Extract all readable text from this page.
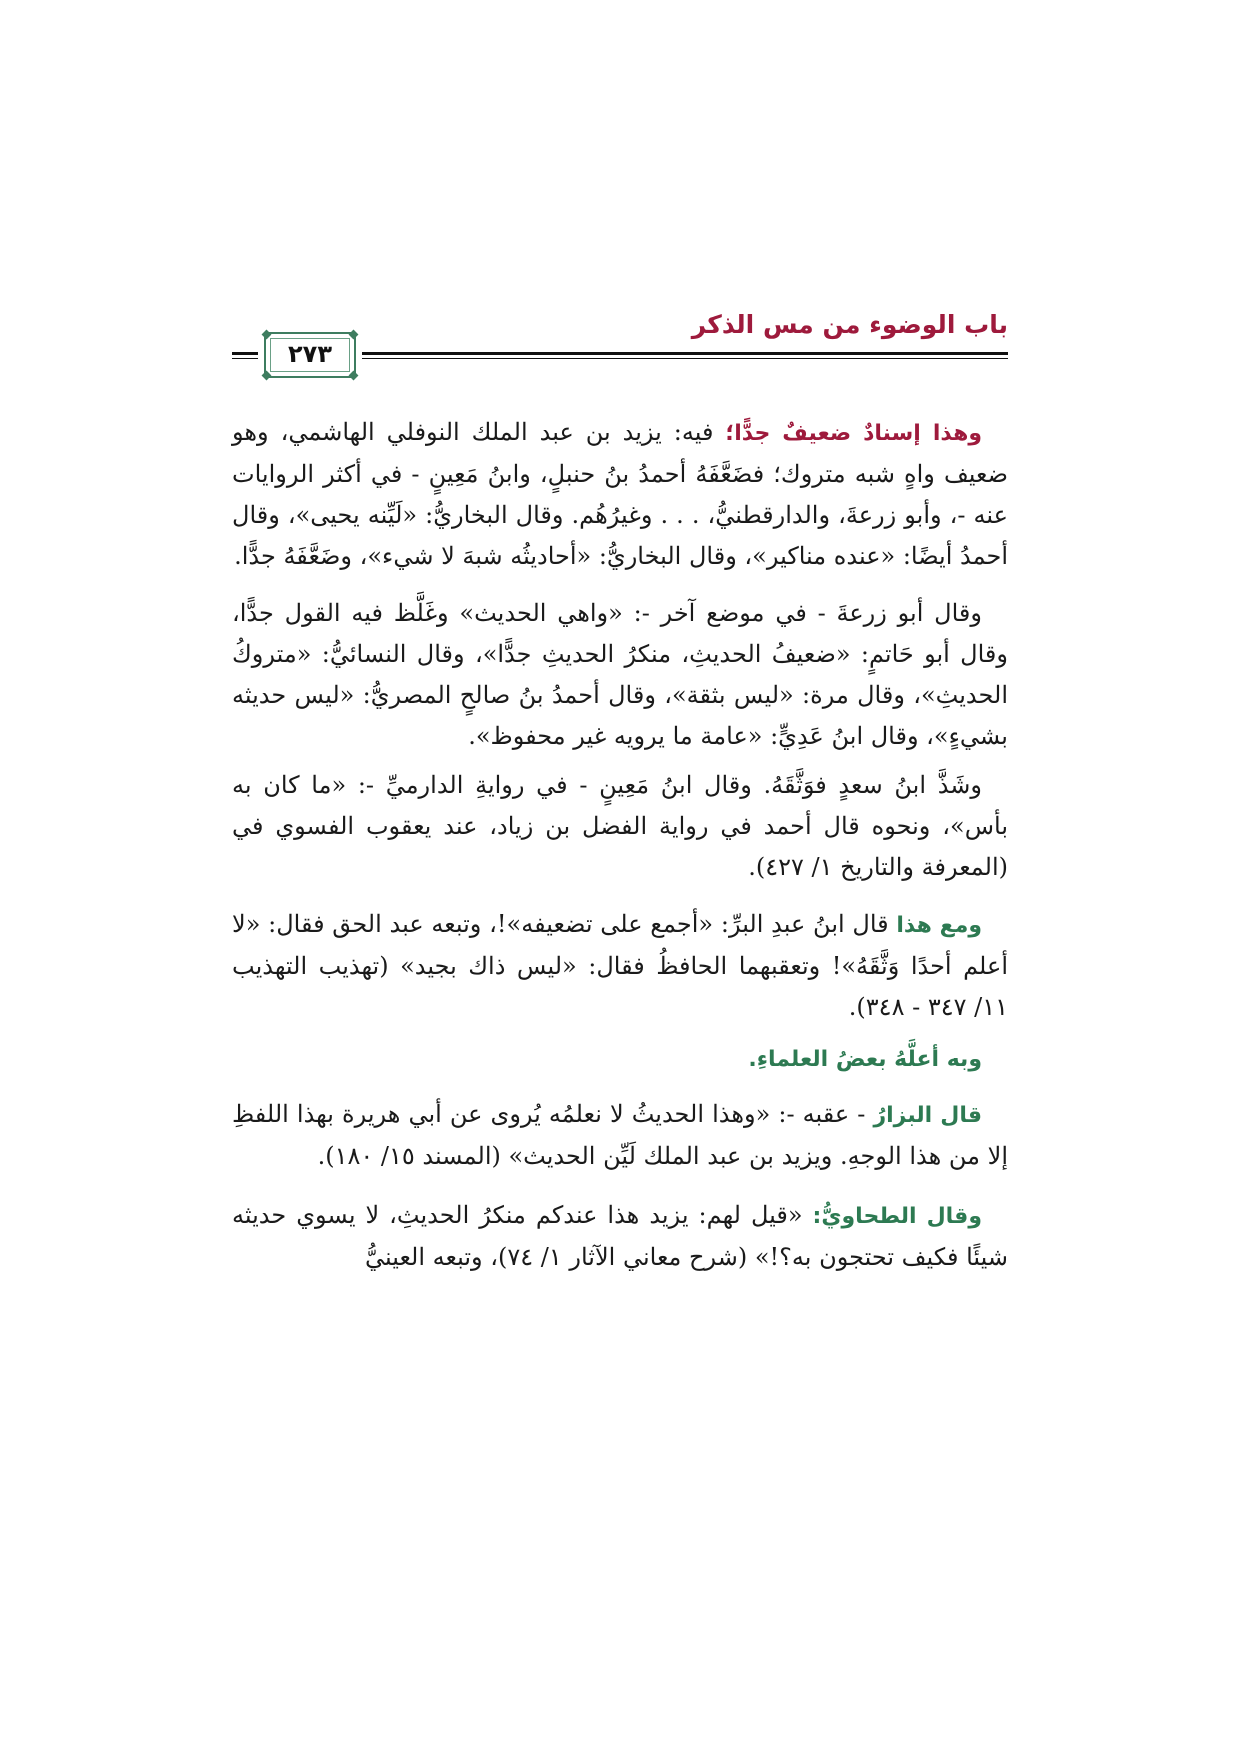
باب الوضوء من مس الذكر
٢٧٣

وهذا إسنادٌ ضعيفٌ جدًّا؛ فيه: يزيد بن عبد الملك النوفلي الهاشمي، وهو ضعيف واهٍ شبه متروك؛ فضَعَّفَهُ أحمدُ بنُ حنبلٍ، وابنُ مَعِينٍ - في أكثر الروايات عنه -، وأبو زرعةَ، والدارقطنيُّ، . . . وغيرُهُم. وقال البخاريُّ: «لَيِّنه يحيى»، وقال أحمدُ أيضًا: «عنده مناكير»، وقال البخاريُّ: «أحاديثُه شبهَ لا شيء»، وضَعَّفَهُ جدًّا.

وقال أبو زرعةَ - في موضع آخر -: «واهي الحديث» وغَلَّظ فيه القول جدًّا، وقال أبو حَاتمٍ: «ضعيفُ الحديثِ، منكرُ الحديثِ جدًّا»، وقال النسائيُّ: «متروكُ الحديثِ»، وقال مرة: «ليس بثقة»، وقال أحمدُ بنُ صالحٍ المصريُّ: «ليس حديثه بشيءٍ»، وقال ابنُ عَدِيٍّ: «عامة ما يرويه غير محفوظ».

وشَذَّ ابنُ سعدٍ فوَثَّقَهُ. وقال ابنُ مَعِينٍ - في روايةِ الدارميِّ -: «ما كان به بأس»، ونحوه قال أحمد في رواية الفضل بن زياد، عند يعقوب الفسوي في (المعرفة والتاريخ ١/ ٤٢٧).

ومع هذا قال ابنُ عبدِ البرِّ: «أجمع على تضعيفه»!، وتبعه عبد الحق فقال: «لا أعلم أحدًا وَثَّقَهُ»! وتعقبهما الحافظُ فقال: «ليس ذاك بجيد» (تهذيب التهذيب ١١/ ٣٤٧ - ٣٤٨).

وبه أعلَّهُ بعضُ العلماءِ.

قال البزارُ - عقبه -: «وهذا الحديثُ لا نعلمُه يُروى عن أبي هريرة بهذا اللفظِ إلا من هذا الوجهِ. ويزيد بن عبد الملك لَيِّن الحديث» (المسند ١٥/ ١٨٠).

وقال الطحاويُّ: «قيل لهم: يزيد هذا عندكم منكرُ الحديثِ، لا يسوي حديثه شيئًا فكيف تحتجون به؟!» (شرح معاني الآثار ١/ ٧٤)، وتبعه العينيُّ
